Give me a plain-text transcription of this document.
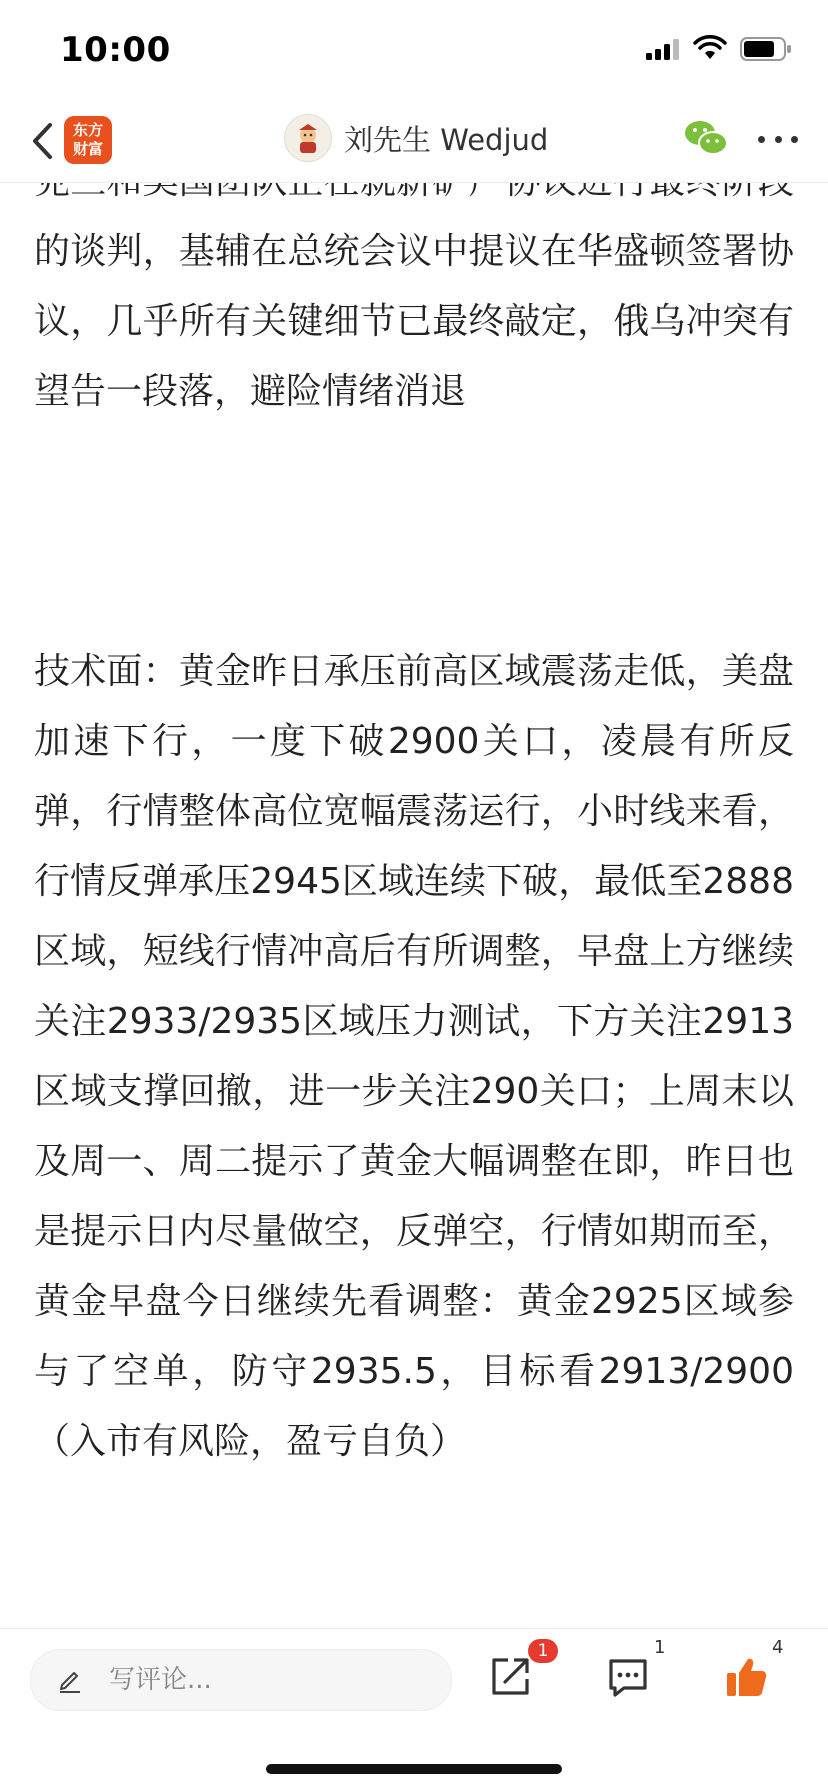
10:00
东方
财富	刘先生 Wedjud

的谈判，基辅在总统会议中提议在华盛顿签署协议，几乎所有关键细节已最终敲定，俄乌冲突有望告一段落，避险情绪消退

技术面：黄金昨日承压前高区域震荡走低，美盘加速下行，一度下破2900关口，凌晨有所反弹，行情整体高位宽幅震荡运行，小时线来看，行情反弹承压2945区域连续下破，最低至2888区域，短线行情冲高后有所调整，早盘上方继续关注2933/2935区域压力测试，下方关注2913区域支撑回撤，进一步关注290关口；上周末以及周一、周二提示了黄金大幅调整在即，昨日也是提示日内尽量做空，反弹空，行情如期而至，黄金早盘今日继续先看调整：黄金2925区域参与了空单，防守2935.5，目标看2913/2900（入市有风险，盈亏自负）

写评论...
1	1	4
